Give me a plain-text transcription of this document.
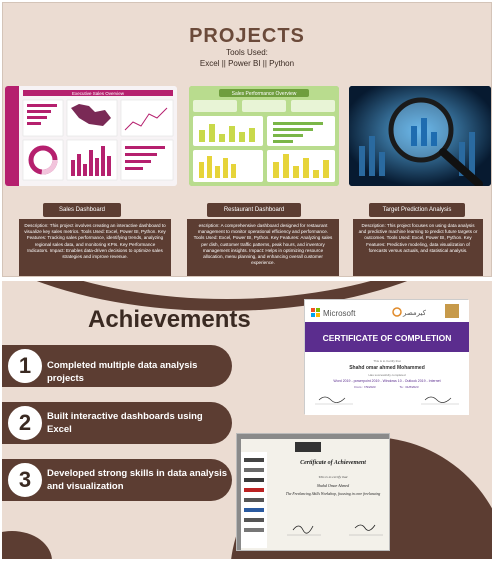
PROJECTS
Tools Used:
Excel || Power BI || Python
Executive Sales Overview	Sales Performance Overview
Sales Dashboard	Restaurant Dashboard	Target Prediction Analysis
Description: This project involves creating an interactive dashboard to visualize key sales metrics. Tools Used: Excel, Power BI, Python. Key Features: Tracking sales performance, identifying trends, analyzing regional sales data, and monitoring KPIs. Key Performance Indicators. Impact: Enables data-driven decisions to optimize sales strategies and improve revenue.
escription: A comprehensive dashboard designed for restaurant management to monitor operational efficiency and performance. Tools Used: Excel, Power BI, Python. Key Features: Analyzing sales per dish, customer traffic patterns, peak hours, and inventory management insights. Impact: Helps in optimizing resource allocation, menu planning, and enhancing overall customer experience.
Description: This project focuses on using data analysis and predictive machine learning to predict future targets or outcomes. Tools Used: Excel, Power BI, Python. Key Features: Predictive modeling, data visualization of forecasts versus actuals, and statistical analysis.
Achievements
Completed multiple data analysis projects
1
Built interactive dashboards using Excel
2
Developed strong skills in data analysis and visualization
3
Microsoft	كيرمصر
CERTIFICATE OF COMPLETION
This is to Certify that
Shahd omar ahmed Mohammed
Has successfully completed
Word 2019 - powerpoint 2019 - Windows 10 - Outlook 2019 - Internet
From : 7/9/2023	To : 31/8/2023
Certificate of Achievement
This is to certify that
Shahd Omar Ahmed
The Freelancing Skills Workshop, focusing in core freelancing
